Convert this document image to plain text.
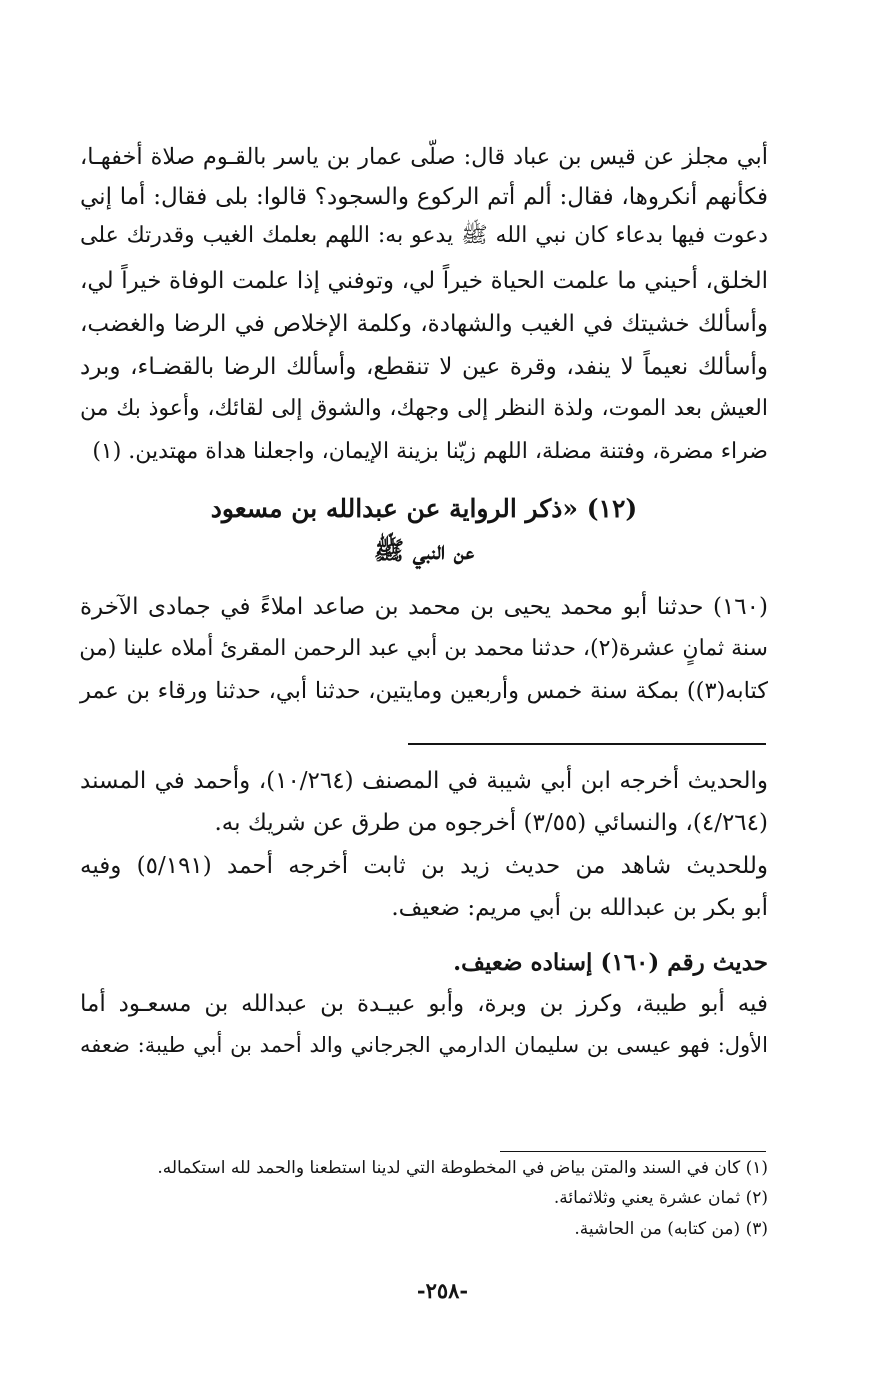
أبي مجلز عن قيس بن عباد قال: صلّى عمار بن ياسر بالقـوم صلاة أخفهـا،
فكأنهم أنكروها، فقال: ألم أتم الركوع والسجود؟ قالوا: بلى فقال: أما إني
دعوت فيها بدعاء كان نبي الله ﷺ يدعو به: اللهم بعلمك الغيب وقدرتك على
الخلق، أحيني ما علمت الحياة خيراً لي، وتوفني إذا علمت الوفاة خيراً لي،
وأسألك خشيتك في الغيب والشهادة، وكلمة الإخلاص في الرضا والغضب،
وأسألك نعيماً لا ينفد، وقرة عين لا تنقطع، وأسألك الرضا بالقضـاء، وبرد
العيش بعد الموت، ولذة النظر إلى وجهك، والشوق إلى لقائك، وأعوذ بك من
ضراء مضرة، وفتنة مضلة، اللهم زيّنا بزينة الإيمان، واجعلنا هداة مهتدين. (١)
(١٢) «ذكر الرواية عن عبدالله بن مسعود
عن النبي ﷺ
(١٦٠) حدثنا أبو محمد يحيى بن محمد بن صاعد املاءً في جمادى الآخرة
سنة ثمانٍ عشرة(٢)، حدثنا محمد بن أبي عبد الرحمن المقرئ أملاه علينا (من
كتابه(٣)) بمكة سنة خمس وأربعين ومايتين، حدثنا أبي، حدثنا ورقاء بن عمر
والحديث أخرجه ابن أبي شيبة في المصنف (١٠/٢٦٤)، وأحمد في المسند
(٤/٢٦٤)، والنسائي (٣/٥٥) أخرجوه من طرق عن شريك به.
وللحديث شاهد من حديث زيد بن ثابت أخرجه أحمد (٥/١٩١) وفيه
أبو بكر بن عبدالله بن أبي مريم: ضعيف.
حديث رقم (١٦٠) إسناده ضعيف.
فيه أبو طيبة، وكرز بن وبرة، وأبو عبيـدة بن عبدالله بن مسعـود أما
الأول: فهو عيسى بن سليمان الدارمي الجرجاني والد أحمد بن أبي طيبة: ضعفه
(١) كان في السند والمتن بياض في المخطوطة التي لدينا استطعنا والحمد لله استكماله.
(٢) ثمان عشرة يعني وثلاثمائة.
(٣) (من كتابه) من الحاشية.
-٢٥٨-
